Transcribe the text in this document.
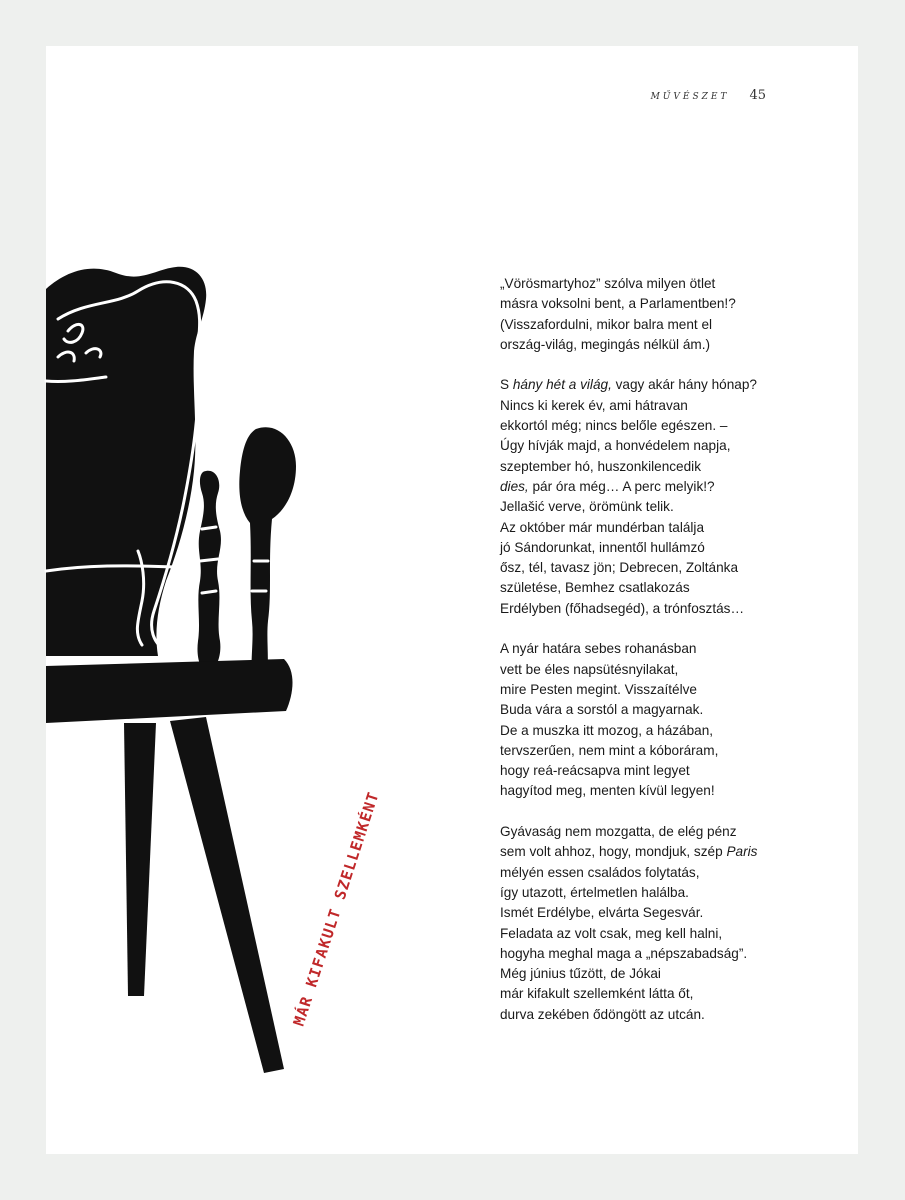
MŰVÉSZET 45
MÁR KIFAKULT SZELLEMKÉNT
„Vörösmartyhoz” szólva milyen ötlet
másra voksolni bent, a Parlamentben!?
(Visszafordulni, mikor balra ment el
ország-világ, megingás nélkül ám.)
S hány hét a világ, vagy akár hány hónap?
Nincs ki kerek év, ami hátravan
ekkortól még; nincs belőle egészen. –
Úgy hívják majd, a honvédelem napja,
szeptember hó, huszonkilencedik
dies, pár óra még… A perc melyik!?
Jellašić verve, örömünk telik.
Az október már mundérban találja
jó Sándorunkat, innentől hullámzó
ősz, tél, tavasz jön; Debrecen, Zoltánka
születése, Bemhez csatlakozás
Erdélyben (főhadsegéd), a trónfosztás…
A nyár határa sebes rohanásban
vett be éles napsütésnyilakat,
mire Pesten megint. Visszaítélve
Buda vára a sorstól a magyarnak.
De a muszka itt mozog, a házában,
tervszerűen, nem mint a kóboráram,
hogy reá-reácsapva mint legyet
hagyítod meg, menten kívül legyen!
Gyávaság nem mozgatta, de elég pénz
sem volt ahhoz, hogy, mondjuk, szép Paris
mélyén essen családos folytatás,
így utazott, értelmetlen halálba.
Ismét Erdélybe, elvárta Segesvár.
Feladata az volt csak, meg kell halni,
hogyha meghal maga a „népszabadság”.
Még június tűzött, de Jókai
már kifakult szellemként látta őt,
durva zekében ődöngött az utcán.
